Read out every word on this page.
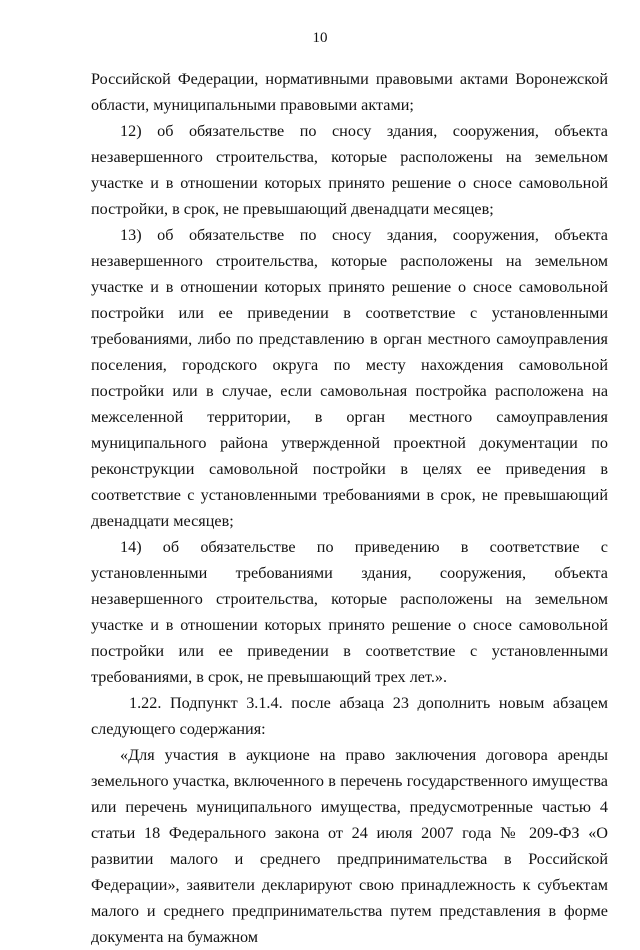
10

Российской Федерации, нормативными правовыми актами Воронежской области, муниципальными правовыми актами;

12) об обязательстве по сносу здания, сооружения, объекта незавершенного строительства, которые расположены на земельном участке и в отношении которых принято решение о сносе самовольной постройки, в срок, не превышающий двенадцати месяцев;

13) об обязательстве по сносу здания, сооружения, объекта незавершенного строительства, которые расположены на земельном участке и в отношении которых принято решение о сносе самовольной постройки или ее приведении в соответствие с установленными требованиями, либо по представлению в орган местного самоуправления поселения, городского округа по месту нахождения самовольной постройки или в случае, если самовольная постройка расположена на межселенной территории, в орган местного самоуправления муниципального района утвержденной проектной документации по реконструкции самовольной постройки в целях ее приведения в соответствие с установленными требованиями в срок, не превышающий двенадцати месяцев;

14) об обязательстве по приведению в соответствие с установленными требованиями здания, сооружения, объекта незавершенного строительства, которые расположены на земельном участке и в отношении которых принято решение о сносе самовольной постройки или ее приведении в соответствие с установленными требованиями, в срок, не превышающий трех лет.».

1.22. Подпункт 3.1.4. после абзаца 23 дополнить новым абзацем следующего содержания:

«Для участия в аукционе на право заключения договора аренды земельного участка, включенного в перечень государственного имущества или перечень муниципального имущества, предусмотренные частью 4 статьи 18 Федерального закона от 24 июля 2007 года № 209-ФЗ «О развитии малого и среднего предпринимательства в Российской Федерации», заявители декларируют свою принадлежность к субъектам малого и среднего предпринимательства путем представления в форме документа на бумажном
